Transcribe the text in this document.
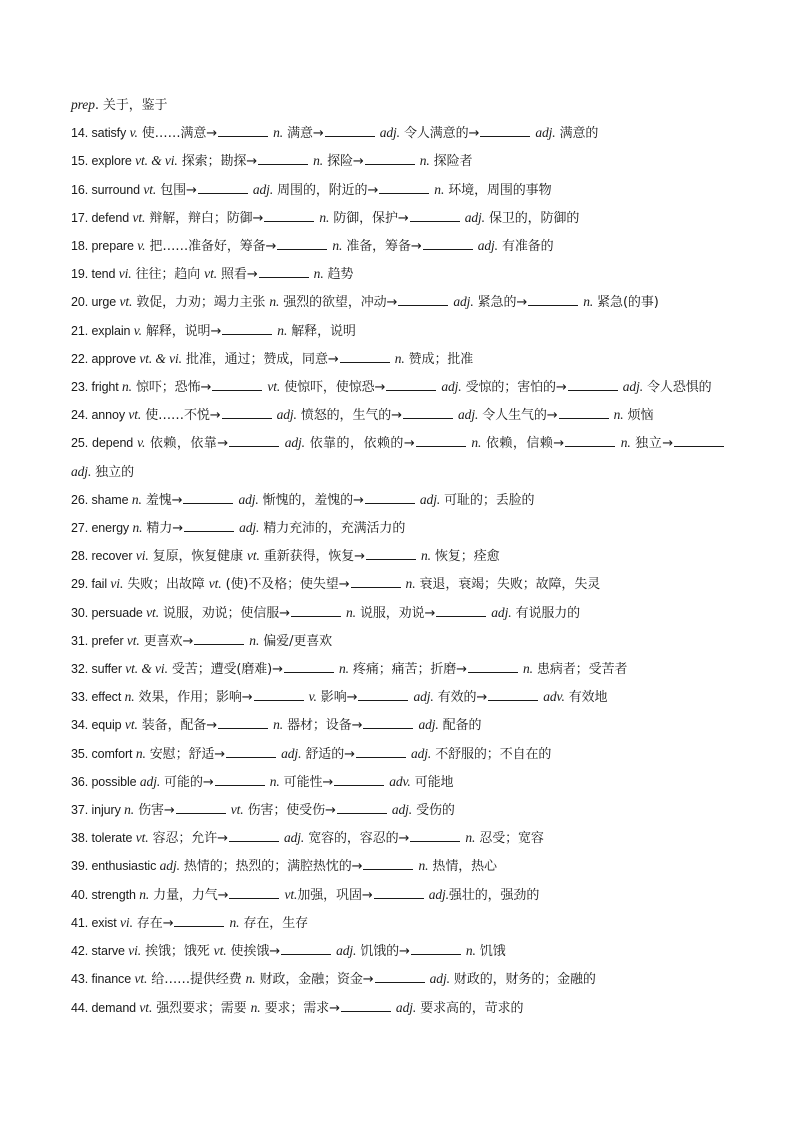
prep. 关于，鉴于
14. satisfy v. 使……满意→	n. 满意→	adj. 令人满意的→	adj. 满意的
15. explore vt. & vi. 探索；勘探→	n. 探险→	n. 探险者
16. surround vt. 包围→	adj. 周围的，附近的→	n. 环境，周围的事物
17. defend vt. 辩解，辩白；防御→	n. 防御，保护→	adj. 保卫的，防御的
18. prepare v. 把……准备好，筹备→	n. 准备，筹备→	adj. 有准备的
19. tend vi. 往往；趋向 vt. 照看→	n. 趋势
20. urge vt. 敦促，力劝；竭力主张 n. 强烈的欲望，冲动→	adj. 紧急的→	n. 紧急(的事)
21. explain v. 解释，说明→	n. 解释，说明
22. approve vt. & vi. 批准，通过；赞成，同意→	n. 赞成；批准
23. fright n. 惊吓；恐怖→	vt. 使惊吓，使惊恐→	adj. 受惊的；害怕的→	adj. 令人恐惧的
24. annoy vt. 使……不悦→	adj. 愤怒的，生气的→	adj. 令人生气的→	n. 烦恼
25. depend v. 依赖，依靠→	adj. 依靠的，依赖的→	n. 依赖，信赖→	n. 独立→ adj. 独立的
26. shame n. 羞愧→	adj. 惭愧的，羞愧的→	adj. 可耻的；丢脸的
27. energy n. 精力→	adj. 精力充沛的，充满活力的
28. recover vi. 复原，恢复健康 vt. 重新获得，恢复→	n. 恢复；痊愈
29. fail vi. 失败；出故障 vt. (使)不及格；使失望→	n. 衰退，衰竭；失败；故障，失灵
30. persuade vt. 说服，劝说；使信服→	n. 说服，劝说→	adj. 有说服力的
31. prefer vt. 更喜欢→	n. 偏爱/更喜欢
32. suffer vt. & vi. 受苦；遭受(磨难)→	n. 疼痛；痛苦；折磨→	n. 患病者；受苦者
33. effect n. 效果，作用；影响→	v. 影响→	adj. 有效的→	adv. 有效地
34. equip vt. 装备，配备→	n. 器材；设备→	adj. 配备的
35. comfort n. 安慰；舒适→	adj. 舒适的→	adj. 不舒服的；不自在的
36. possible adj. 可能的→	n. 可能性→	adv. 可能地
37. injury n. 伤害→	vt. 伤害；使受伤→	adj. 受伤的
38. tolerate vt. 容忍；允许→	adj. 宽容的，容忍的→	n. 忍受；宽容
39. enthusiastic adj. 热情的；热烈的；满腔热忱的→	n. 热情，热心
40. strength n. 力量，力气→	vt.加强，巩固→	adj.强壮的，强劲的
41. exist vi. 存在→	n. 存在，生存
42. starve vi. 挨饿；饿死 vt. 使挨饿→	adj. 饥饿的→	n. 饥饿
43. finance vt. 给……提供经费 n. 财政，金融；资金→	adj. 财政的，财务的；金融的
44. demand vt. 强烈要求；需要 n. 要求；需求→	adj. 要求高的，苛求的
